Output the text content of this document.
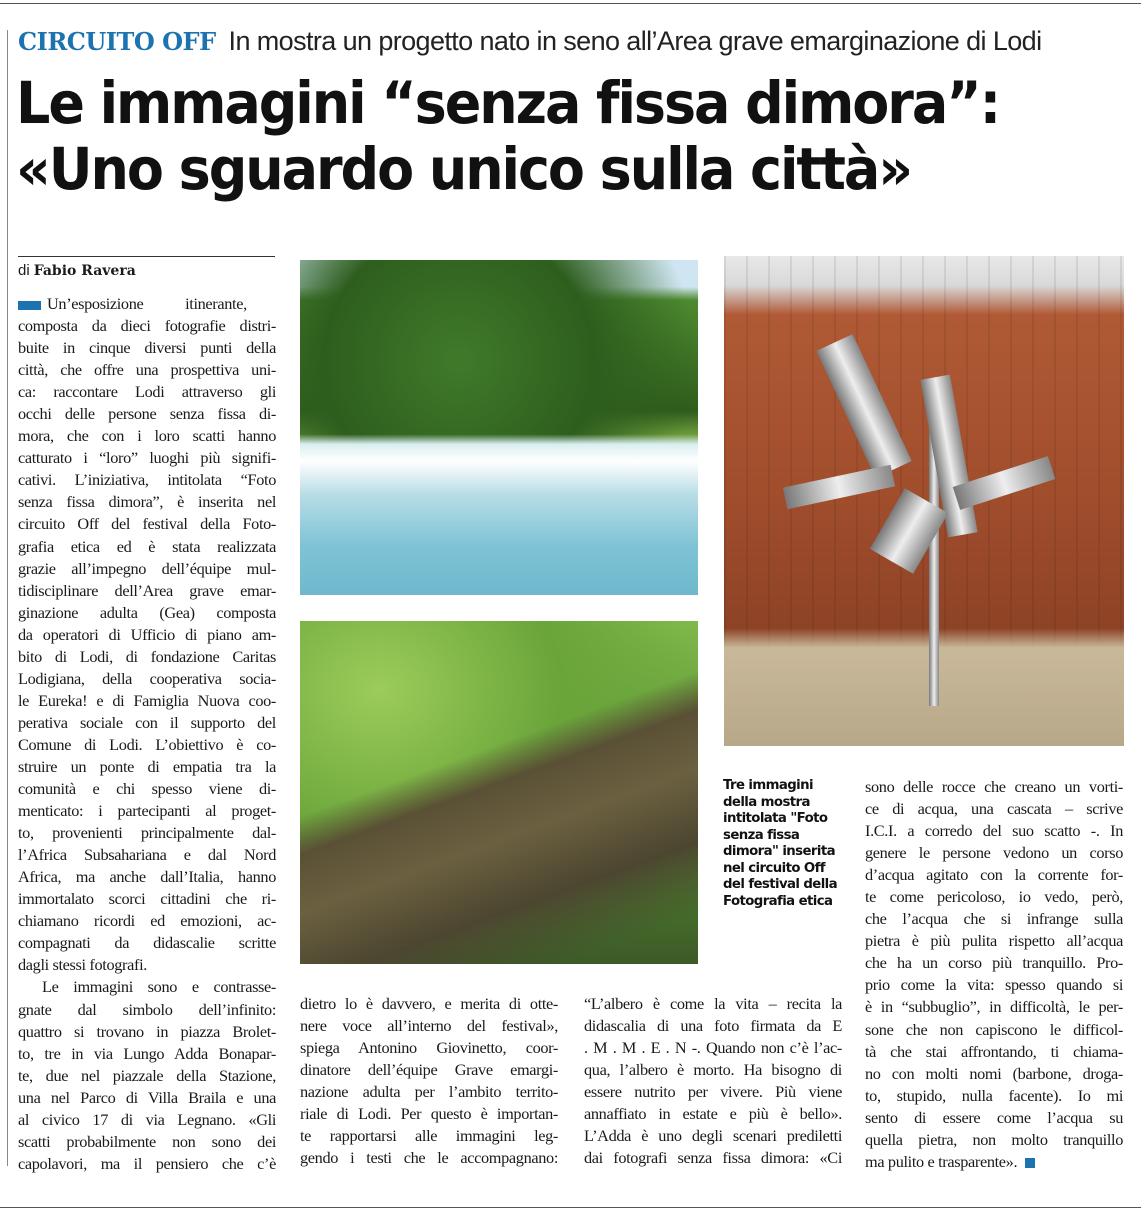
CIRCUITO OFF In mostra un progetto nato in seno all’Area grave emarginazione di Lodi
Le immagini “senza fissa dimora”:
«Uno sguardo unico sulla città»
di Fabio Ravera
Un’esposizione itinerante,
composta da dieci fotografie distri-
buite in cinque diversi punti della
città, che offre una prospettiva uni-
ca: raccontare Lodi attraverso gli
occhi delle persone senza fissa di-
mora, che con i loro scatti hanno
catturato i “loro” luoghi più signifi-
cativi. L’iniziativa, intitolata “Foto
senza fissa dimora”, è inserita nel
circuito Off del festival della Foto-
grafia etica ed è stata realizzata
grazie all’impegno dell’équipe mul-
tidisciplinare dell’Area grave emar-
ginazione adulta (Gea) composta
da operatori di Ufficio di piano am-
bito di Lodi, di fondazione Caritas
Lodigiana, della cooperativa socia-
le Eureka! e di Famiglia Nuova coo-
perativa sociale con il supporto del
Comune di Lodi. L’obiettivo è co-
struire un ponte di empatia tra la
comunità e chi spesso viene di-
menticato: i partecipanti al proget-
to, provenienti principalmente dal-
l’Africa Subsahariana e dal Nord
Africa, ma anche dall’Italia, hanno
immortalato scorci cittadini che ri-
chiamano ricordi ed emozioni, ac-
compagnati da didascalie scritte
dagli stessi fotografi.
Le immagini sono e contrasse-
gnate dal simbolo dell’infinito:
quattro si trovano in piazza Brolet-
to, tre in via Lungo Adda Bonapar-
te, due nel piazzale della Stazione,
una nel Parco di Villa Braila e una
al civico 17 di via Legnano. «Gli
scatti probabilmente non sono dei
capolavori, ma il pensiero che c’è
dietro lo è davvero, e merita di otte-
nere voce all’interno del festival»,
spiega Antonino Giovinetto, coor-
dinatore dell’équipe Grave emargi-
nazione adulta per l’ambito territo-
riale di Lodi. Per questo è importan-
te rapportarsi alle immagini leg-
gendo i testi che le accompagnano:
“L’albero è come la vita – recita la
didascalia di una foto firmata da E
. M . M . E . N -. Quando non c’è l’ac-
qua, l’albero è morto. Ha bisogno di
essere nutrito per vivere. Più viene
annaffiato in estate e più è bello».
L’Adda è uno degli scenari prediletti
dai fotografi senza fissa dimora: «Ci
sono delle rocce che creano un vorti-
ce di acqua, una cascata – scrive
I.C.I. a corredo del suo scatto -. In
genere le persone vedono un corso
d’acqua agitato con la corrente for-
te come pericoloso, io vedo, però,
che l’acqua che si infrange sulla
pietra è più pulita rispetto all’acqua
che ha un corso più tranquillo. Pro-
prio come la vita: spesso quando si
è in “subbuglio”, in difficoltà, le per-
sone che non capiscono le difficol-
tà che stai affrontando, ti chiama-
no con molti nomi (barbone, droga-
to, stupido, nulla facente). Io mi
sento di essere come l’acqua su
quella pietra, non molto tranquillo
ma pulito e trasparente».
Tre immagini della mostra intitolata "Foto senza fissa dimora" inserita nel circuito Off del festival della Fotografia etica
